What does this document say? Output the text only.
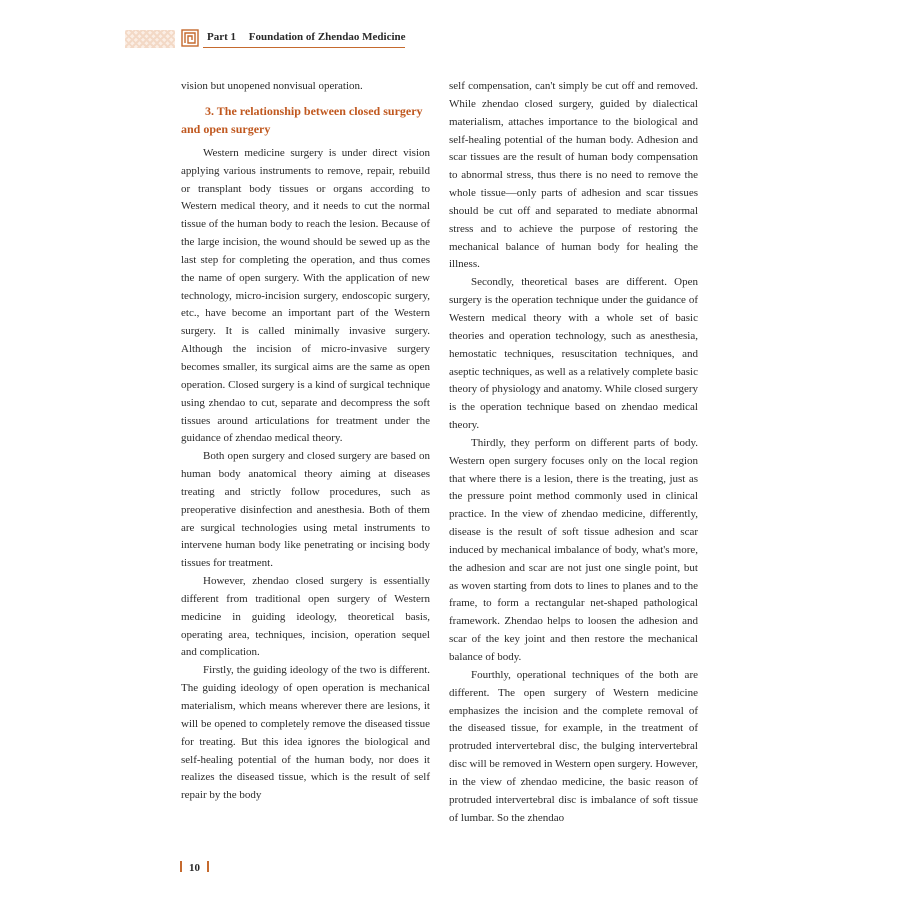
Part 1 Foundation of Zhendao Medicine

vision but unopened nonvisual operation.

3. The relationship between closed surgery and open surgery

Western medicine surgery is under direct vision applying various instruments to remove, repair, rebuild or transplant body tissues or organs according to Western medical theory, and it needs to cut the normal tissue of the human body to reach the lesion. Because of the large incision, the wound should be sewed up as the last step for completing the operation, and thus comes the name of open surgery. With the application of new technology, micro-incision surgery, endoscopic surgery, etc., have become an important part of the Western surgery. It is called minimally invasive surgery. Although the incision of micro-invasive surgery becomes smaller, its surgical aims are the same as open operation. Closed surgery is a kind of surgical technique using zhendao to cut, separate and decompress the soft tissues around articulations for treatment under the guidance of zhendao medical theory.

Both open surgery and closed surgery are based on human body anatomical theory aiming at diseases treating and strictly follow procedures, such as preoperative disinfection and anesthesia. Both of them are surgical technologies using metal instruments to intervene human body like penetrating or incising body tissues for treatment.

However, zhendao closed surgery is essentially different from traditional open surgery of Western medicine in guiding ideology, theoretical basis, operating area, techniques, incision, operation sequel and complication.

Firstly, the guiding ideology of the two is different. The guiding ideology of open operation is mechanical materialism, which means wherever there are lesions, it will be opened to completely remove the diseased tissue for treating. But this idea ignores the biological and self-healing potential of the human body, nor does it realizes the diseased tissue, which is the result of self repair by the body

self compensation, can't simply be cut off and removed. While zhendao closed surgery, guided by dialectical materialism, attaches importance to the biological and self-healing potential of the human body. Adhesion and scar tissues are the result of human body compensation to abnormal stress, thus there is no need to remove the whole tissue—only parts of adhesion and scar tissues should be cut off and separated to mediate abnormal stress and to achieve the purpose of restoring the mechanical balance of human body for healing the illness.

Secondly, theoretical bases are different. Open surgery is the operation technique under the guidance of Western medical theory with a whole set of basic theories and operation technology, such as anesthesia, hemostatic techniques, resuscitation techniques, and aseptic techniques, as well as a relatively complete basic theory of physiology and anatomy. While closed surgery is the operation technique based on zhendao medical theory.

Thirdly, they perform on different parts of body. Western open surgery focuses only on the local region that where there is a lesion, there is the treating, just as the pressure point method commonly used in clinical practice. In the view of zhendao medicine, differently, disease is the result of soft tissue adhesion and scar induced by mechanical imbalance of body, what's more, the adhesion and scar are not just one single point, but as woven starting from dots to lines to planes and to the frame, to form a rectangular net-shaped pathological framework. Zhendao helps to loosen the adhesion and scar of the key joint and then restore the mechanical balance of body.

Fourthly, operational techniques of the both are different. The open surgery of Western medicine emphasizes the incision and the complete removal of the diseased tissue, for example, in the treatment of protruded intervertebral disc, the bulging intervertebral disc will be removed in Western open surgery. However, in the view of zhendao medicine, the basic reason of protruded intervertebral disc is imbalance of soft tissue of lumbar. So the zhendao

10
